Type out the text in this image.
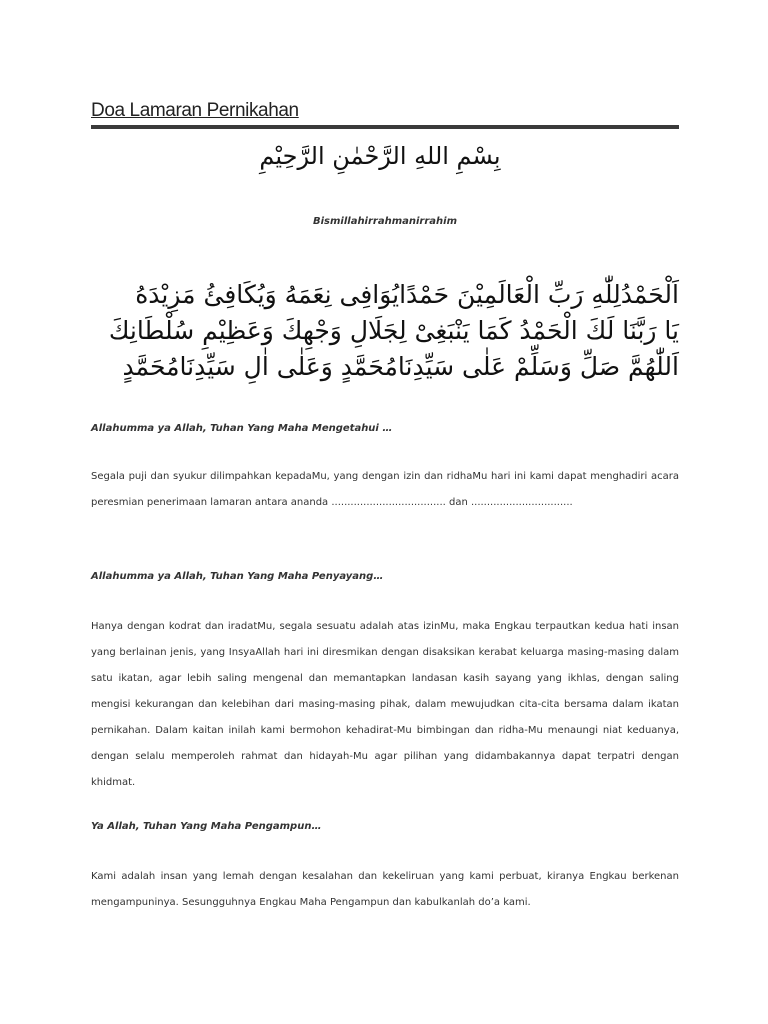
Doa Lamaran Pernikahan
بِسْمِ اللهِ الرَّحْمٰنِ الرَّحِيْمِ
Bismillahirrahmanirrahim
اَلْحَمْدُلِلّٰهِ رَبِّ الْعَالَمِيْنَ حَمْدًايُوَافِى نِعَمَهُ وَيُكَافِئُ مَزِيْدَهُ
يَا رَبَّنَا لَكَ الْحَمْدُ كَمَا يَنْبَغِىْ لِجَلَالِ وَجْهِكَ وَعَظِيْمِ سُلْطَانِكَ
اَللّٰهُمَّ صَلِّ وَسَلِّمْ عَلٰى سَيِّدِنَامُحَمَّدٍ وَعَلٰى اٰلِ سَيِّدِنَامُحَمَّدٍ
Allahumma ya Allah, Tuhan Yang Maha Mengetahui …

Segala puji dan syukur dilimpahkan kepadaMu, yang dengan izin dan ridhaMu hari ini kami dapat menghadiri acara peresmian penerimaan lamaran antara ananda .................................... dan ................................

Allahumma ya Allah, Tuhan Yang Maha Penyayang…

Hanya dengan kodrat dan iradatMu, segala sesuatu adalah atas izinMu, maka Engkau terpautkan kedua hati insan yang berlainan jenis, yang InsyaAllah hari ini diresmikan dengan disaksikan kerabat keluarga masing-masing dalam satu ikatan, agar lebih saling mengenal dan memantapkan landasan kasih sayang yang ikhlas, dengan saling mengisi kekurangan dan kelebihan dari masing-masing pihak, dalam mewujudkan cita-cita bersama dalam ikatan pernikahan. Dalam kaitan inilah kami bermohon kehadirat-Mu bimbingan dan ridha-Mu menaungi niat keduanya, dengan selalu memperoleh rahmat dan hidayah-Mu agar pilihan yang didambakannya dapat terpatri dengan khidmat.

Ya Allah, Tuhan Yang Maha Pengampun…

Kami adalah insan yang lemah dengan kesalahan dan kekeliruan yang kami perbuat, kiranya Engkau berkenan mengampuninya. Sesungguhnya Engkau Maha Pengampun dan kabulkanlah do’a kami.
